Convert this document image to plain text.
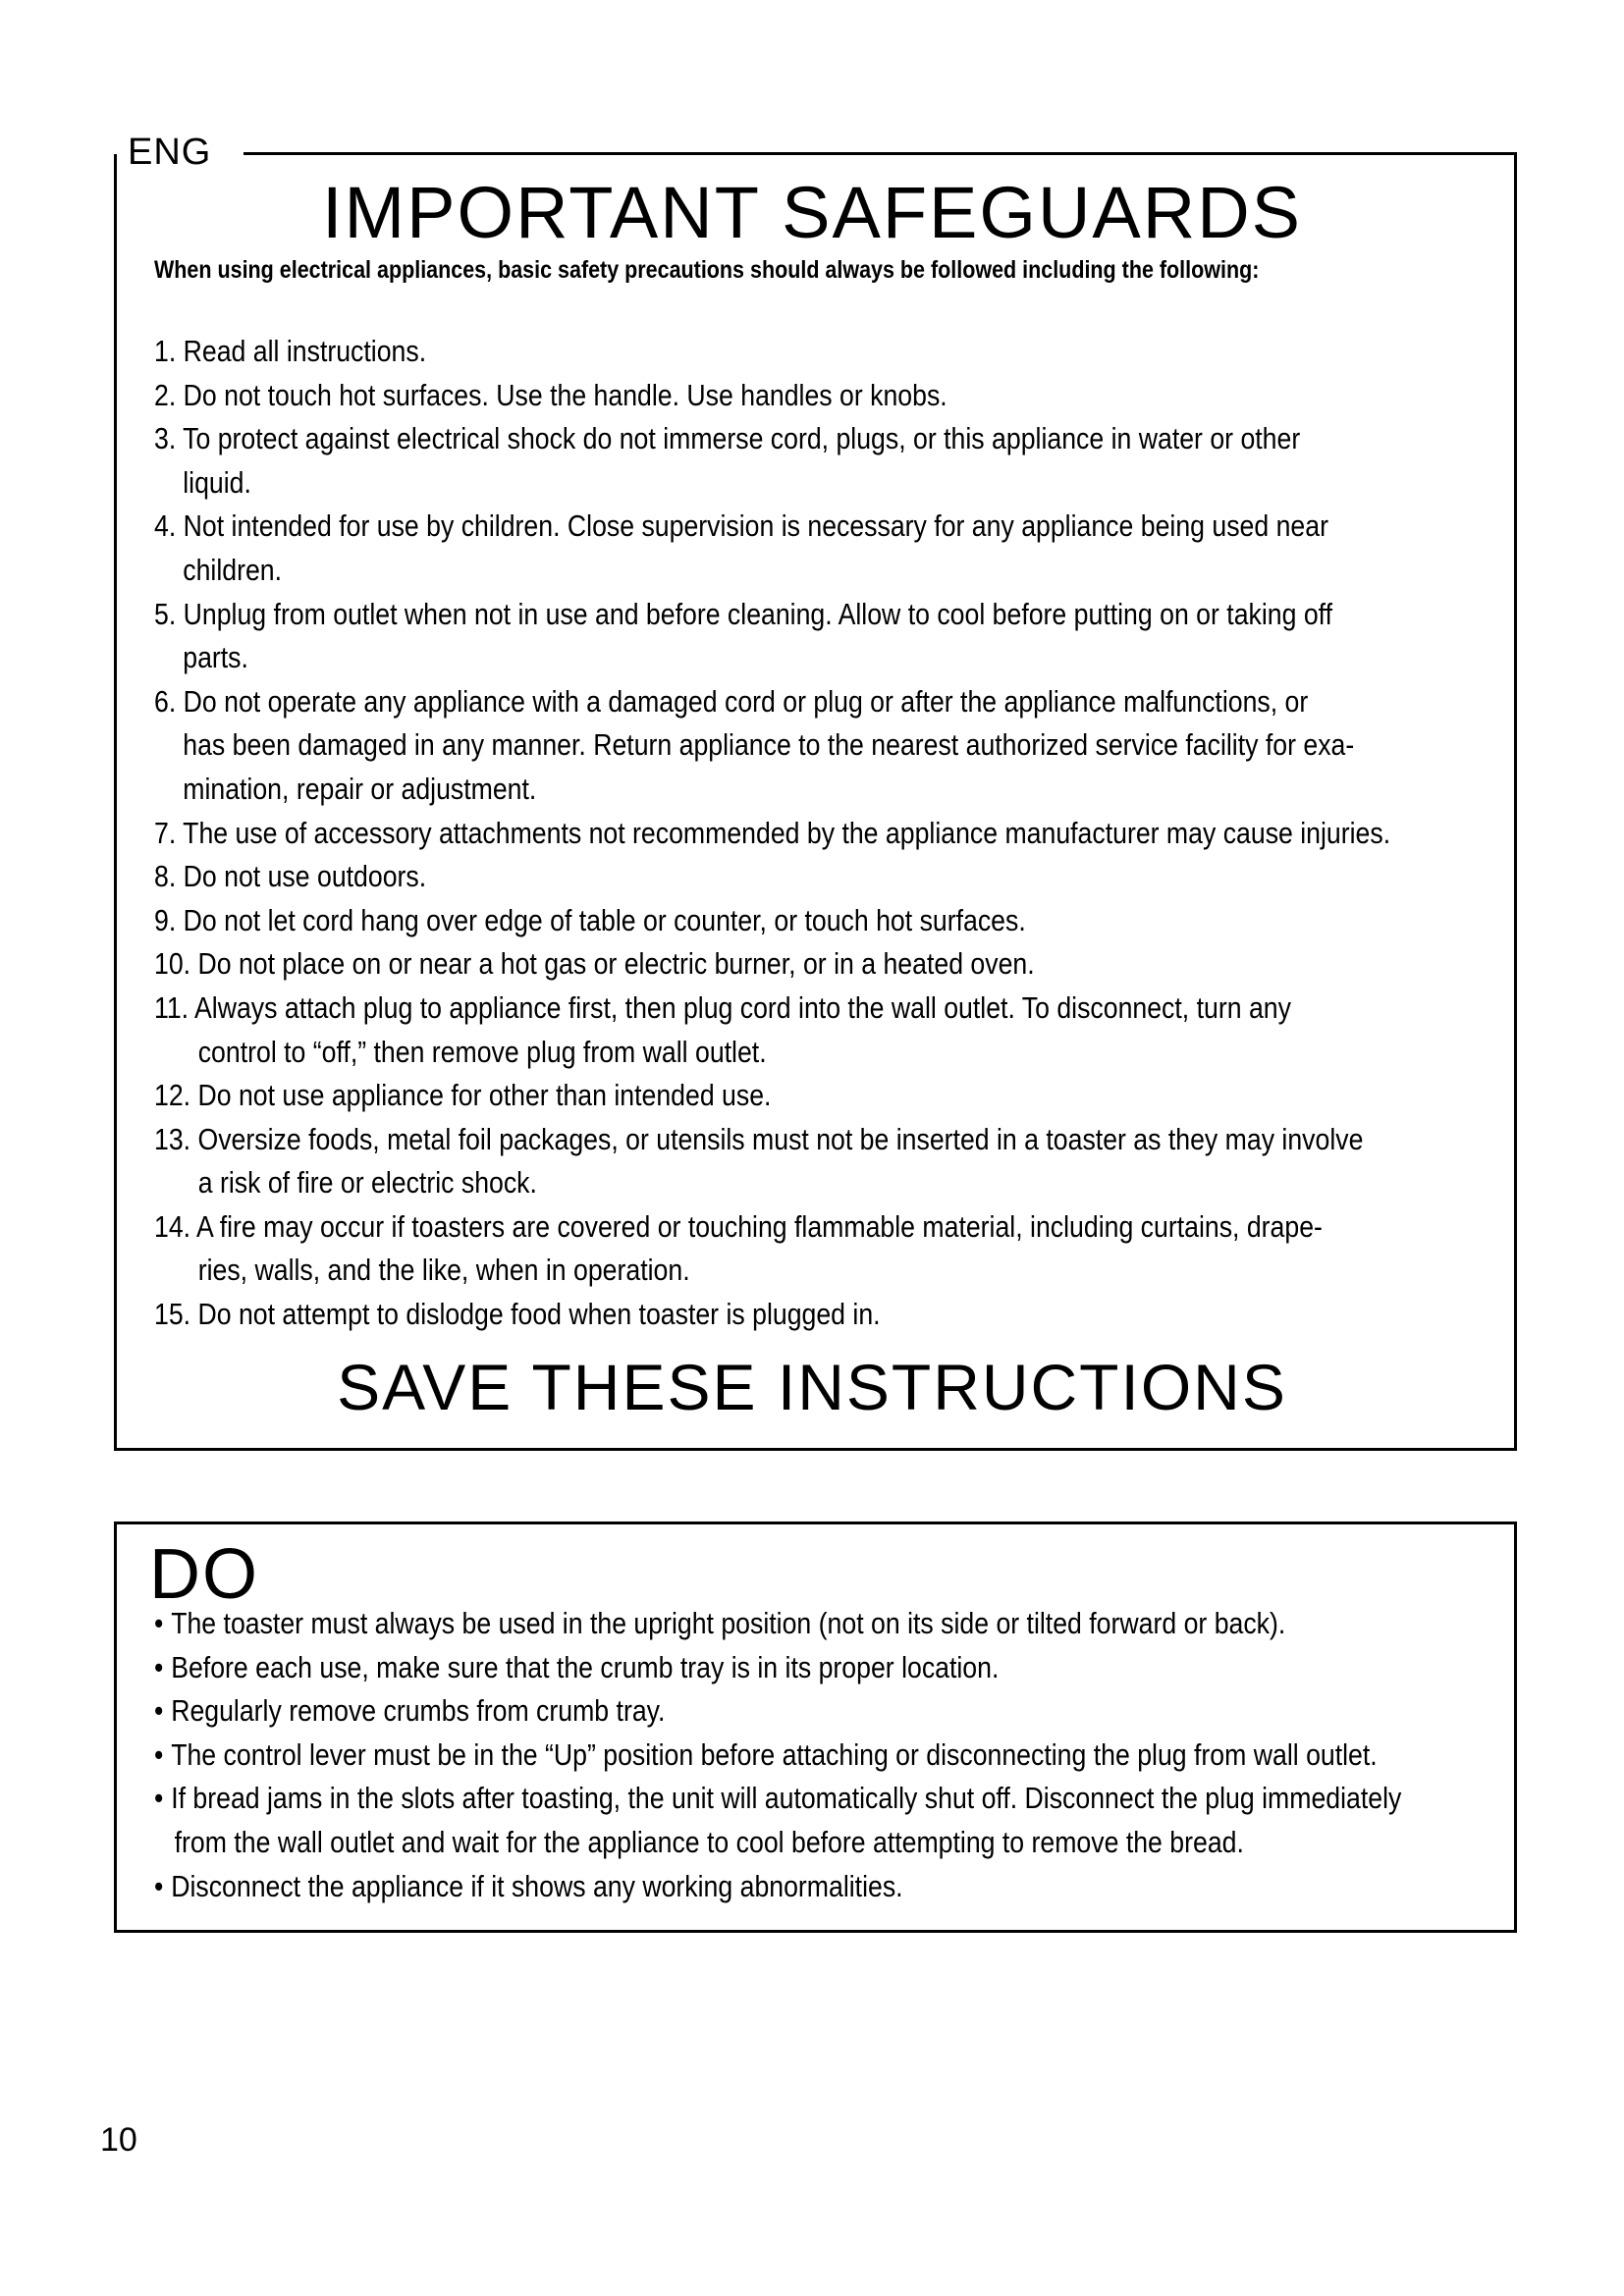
ENG
IMPORTANT SAFEGUARDS
When using electrical appliances, basic safety precautions should always be followed including the following:
1. Read all instructions.
2. Do not touch hot surfaces. Use the handle. Use handles or knobs.
3. To protect against electrical shock do not immerse cord, plugs, or this appliance in water or other
liquid.
4. Not intended for use by children. Close supervision is necessary for any appliance being used near
children.
5. Unplug from outlet when not in use and before cleaning. Allow to cool before putting on or taking off
parts.
6. Do not operate any appliance with a damaged cord or plug or after the appliance malfunctions, or
has been damaged in any manner. Return appliance to the nearest authorized service facility for exa-
mination, repair or adjustment.
7. The use of accessory attachments not recommended by the appliance manufacturer may cause injuries.
8. Do not use outdoors.
9. Do not let cord hang over edge of table or counter, or touch hot surfaces.
10. Do not place on or near a hot gas or electric burner, or in a heated oven.
11. Always attach plug to appliance first, then plug cord into the wall outlet. To disconnect, turn any
control to “off,” then remove plug from wall outlet.
12. Do not use appliance for other than intended use.
13. Oversize foods, metal foil packages, or utensils must not be inserted in a toaster as they may involve
a risk of fire or electric shock.
14. A fire may occur if toasters are covered or touching flammable material, including curtains, drape-
ries, walls, and the like, when in operation.
15. Do not attempt to dislodge food when toaster is plugged in.
SAVE THESE INSTRUCTIONS
DO
• The toaster must always be used in the upright position (not on its side or tilted forward or back).
• Before each use, make sure that the crumb tray is in its proper location.
• Regularly remove crumbs from crumb tray.
• The control lever must be in the “Up” position before attaching or disconnecting the plug from wall outlet.
• If bread jams in the slots after toasting, the unit will automatically shut off. Disconnect the plug immediately
from the wall outlet and wait for the appliance to cool before attempting to remove the bread.
• Disconnect the appliance if it shows any working abnormalities.
10
